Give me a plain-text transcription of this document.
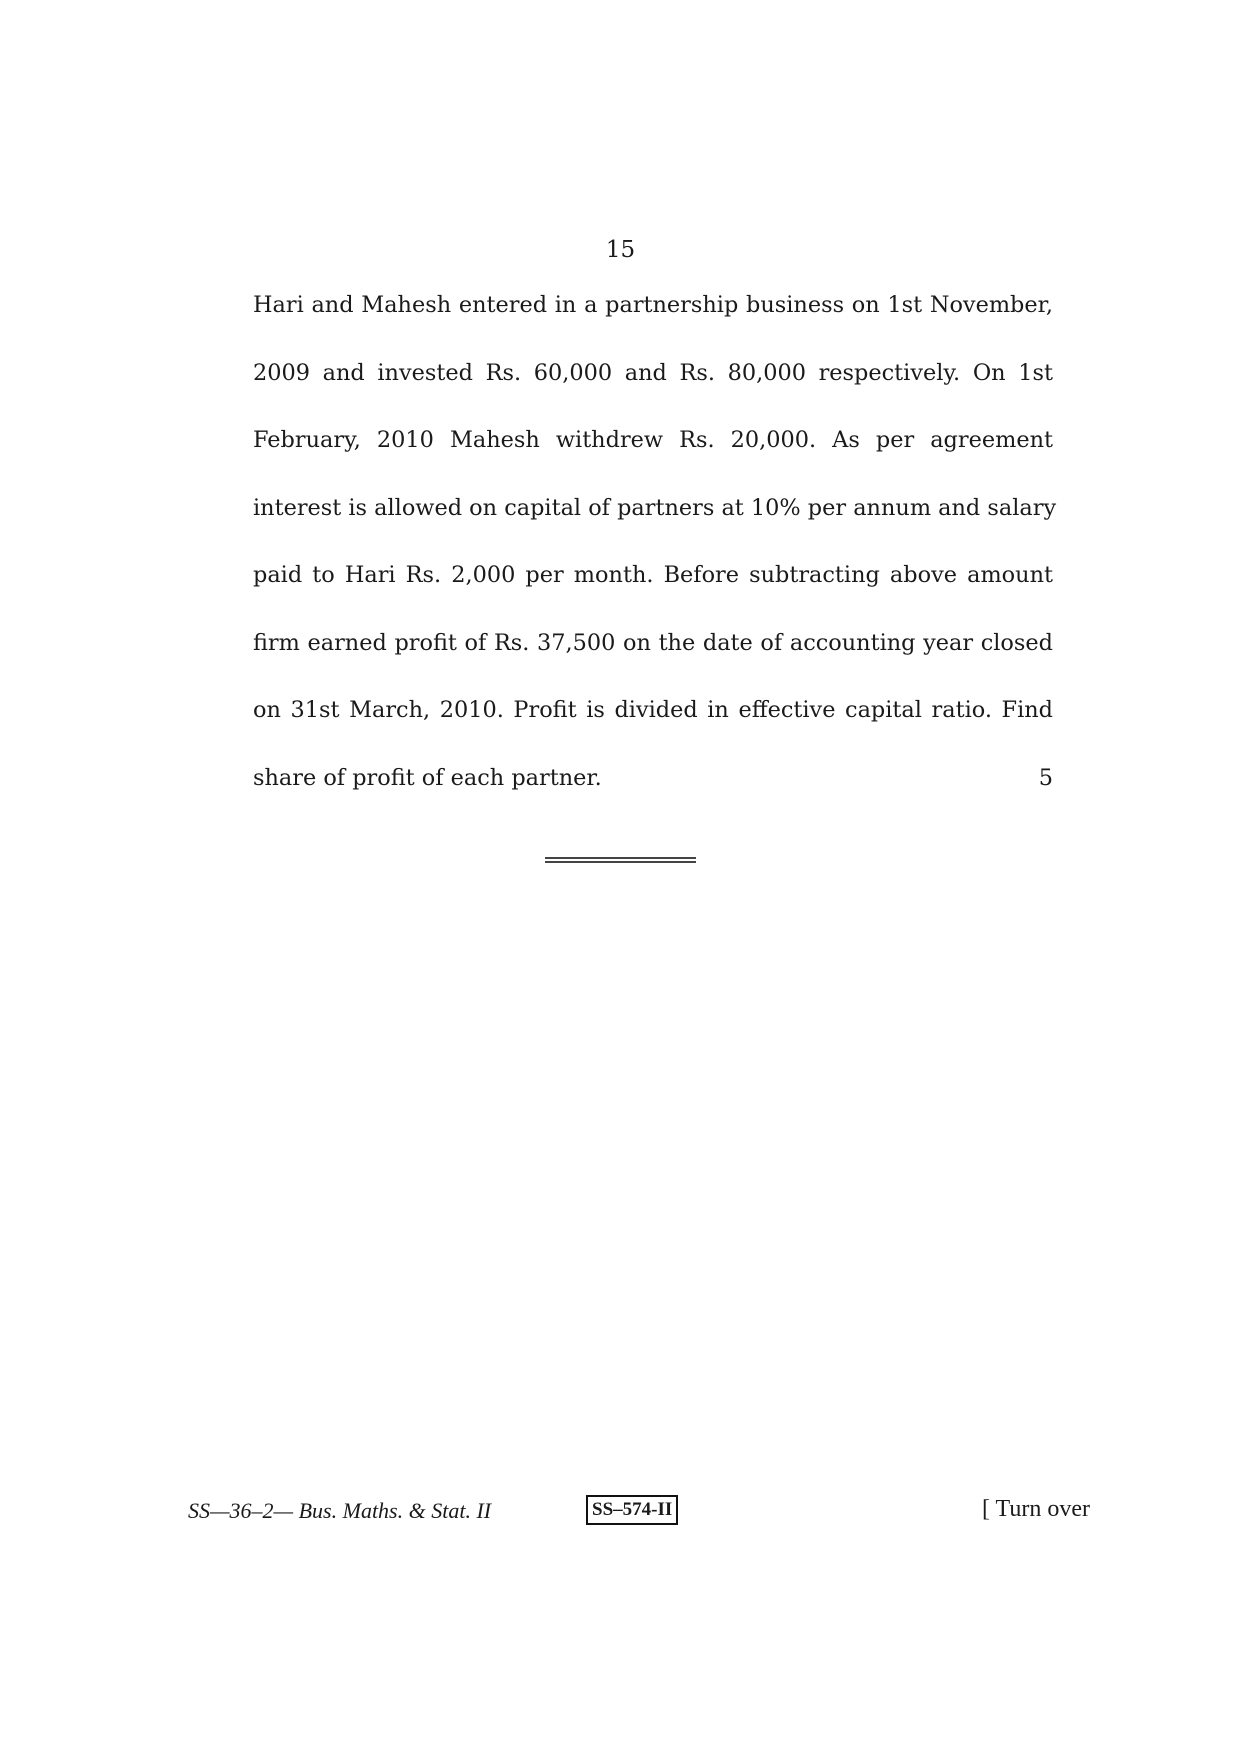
15
Hari and Mahesh entered in a partnership business on 1st November,
2009 and invested Rs. 60,000 and Rs. 80,000 respectively. On 1st
February, 2010 Mahesh withdrew Rs. 20,000. As per agreement
interest is allowed on capital of partners at 10% per annum and salary
paid to Hari Rs. 2,000 per month. Before subtracting above amount
firm earned profit of Rs. 37,500 on the date of accounting year closed
on 31st March, 2010. Profit is divided in effective capital ratio. Find
share of profit of each partner.	5
SS—36–2— Bus. Maths. & Stat. II	SS–574-II	[ Turn over
